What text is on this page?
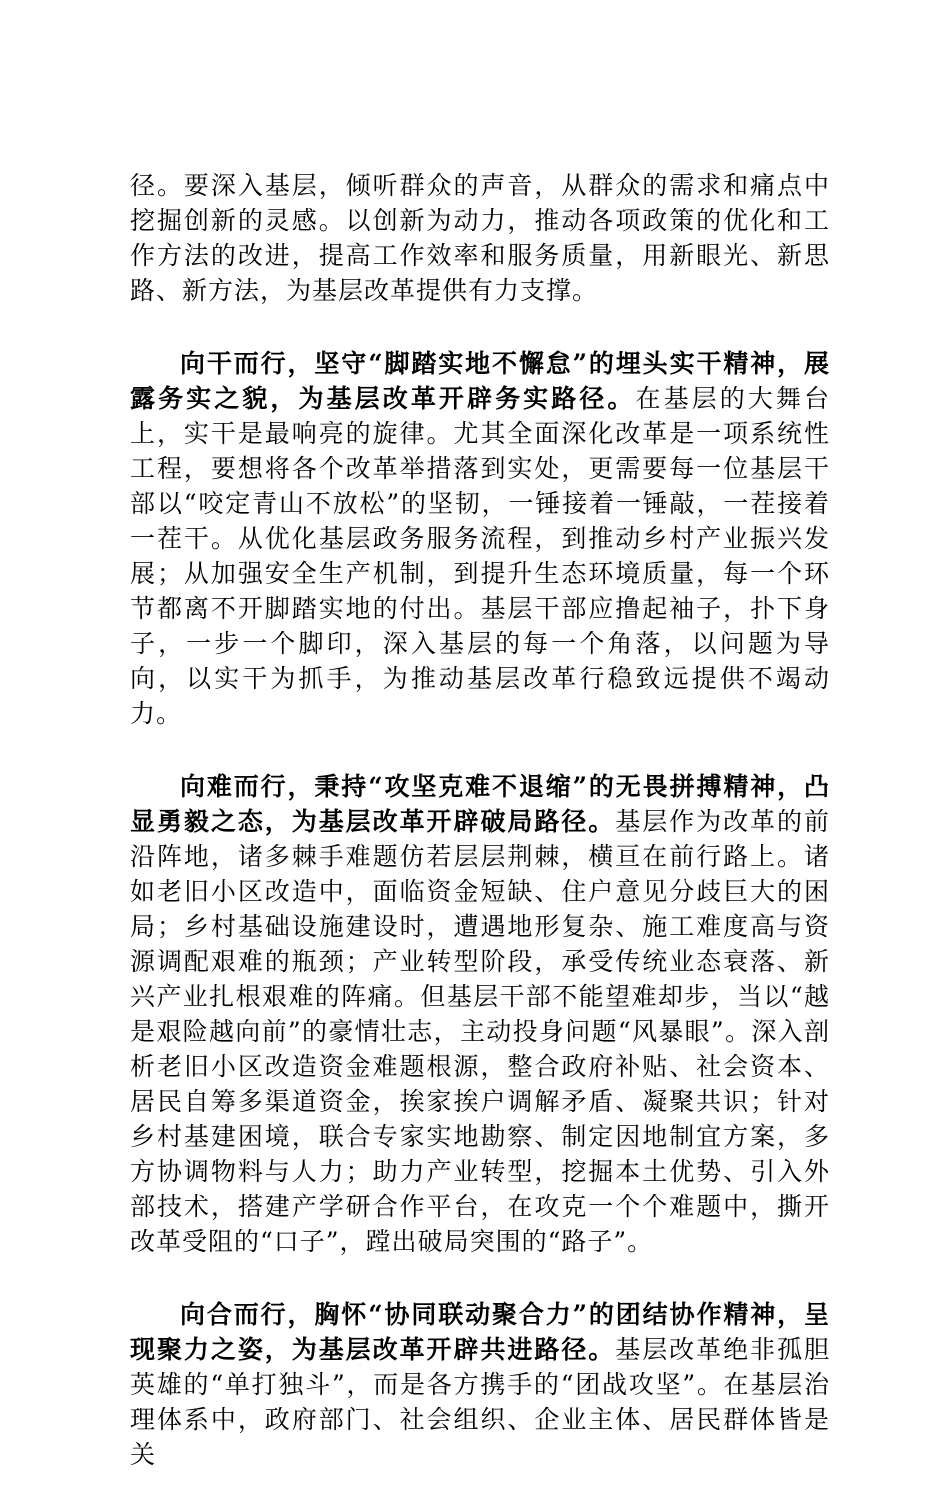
径。要深入基层，倾听群众的声音，从群众的需求和痛点中挖掘创新的灵感。以创新为动力，推动各项政策的优化和工作方法的改进，提高工作效率和服务质量，用新眼光、新思路、新方法，为基层改革提供有力支撑。

向干而行，坚守“脚踏实地不懈怠”的埋头实干精神，展露务实之貌，为基层改革开辟务实路径。在基层的大舞台上，实干是最响亮的旋律。尤其全面深化改革是一项系统性工程，要想将各个改革举措落到实处，更需要每一位基层干部以“咬定青山不放松”的坚韧，一锤接着一锤敲，一茬接着一茬干。从优化基层政务服务流程，到推动乡村产业振兴发展；从加强安全生产机制，到提升生态环境质量，每一个环节都离不开脚踏实地的付出。基层干部应撸起袖子，扑下身子，一步一个脚印，深入基层的每一个角落，以问题为导向，以实干为抓手，为推动基层改革行稳致远提供不竭动力。

向难而行，秉持“攻坚克难不退缩”的无畏拼搏精神，凸显勇毅之态，为基层改革开辟破局路径。基层作为改革的前沿阵地，诸多棘手难题仿若层层荆棘，横亘在前行路上。诸如老旧小区改造中，面临资金短缺、住户意见分歧巨大的困局；乡村基础设施建设时，遭遇地形复杂、施工难度高与资源调配艰难的瓶颈；产业转型阶段，承受传统业态衰落、新兴产业扎根艰难的阵痛。但基层干部不能望难却步，当以“越是艰险越向前”的豪情壮志，主动投身问题“风暴眼”。深入剖析老旧小区改造资金难题根源，整合政府补贴、社会资本、居民自筹多渠道资金，挨家挨户调解矛盾、凝聚共识；针对乡村基建困境，联合专家实地勘察、制定因地制宜方案，多方协调物料与人力；助力产业转型，挖掘本土优势、引入外部技术，搭建产学研合作平台，在攻克一个个难题中，撕开改革受阻的“口子”，蹚出破局突围的“路子”。

向合而行，胸怀“协同联动聚合力”的团结协作精神，呈现聚力之姿，为基层改革开辟共进路径。基层改革绝非孤胆英雄的“单打独斗”，而是各方携手的“团战攻坚”。在基层治理体系中，政府部门、社会组织、企业主体、居民群体皆是关
